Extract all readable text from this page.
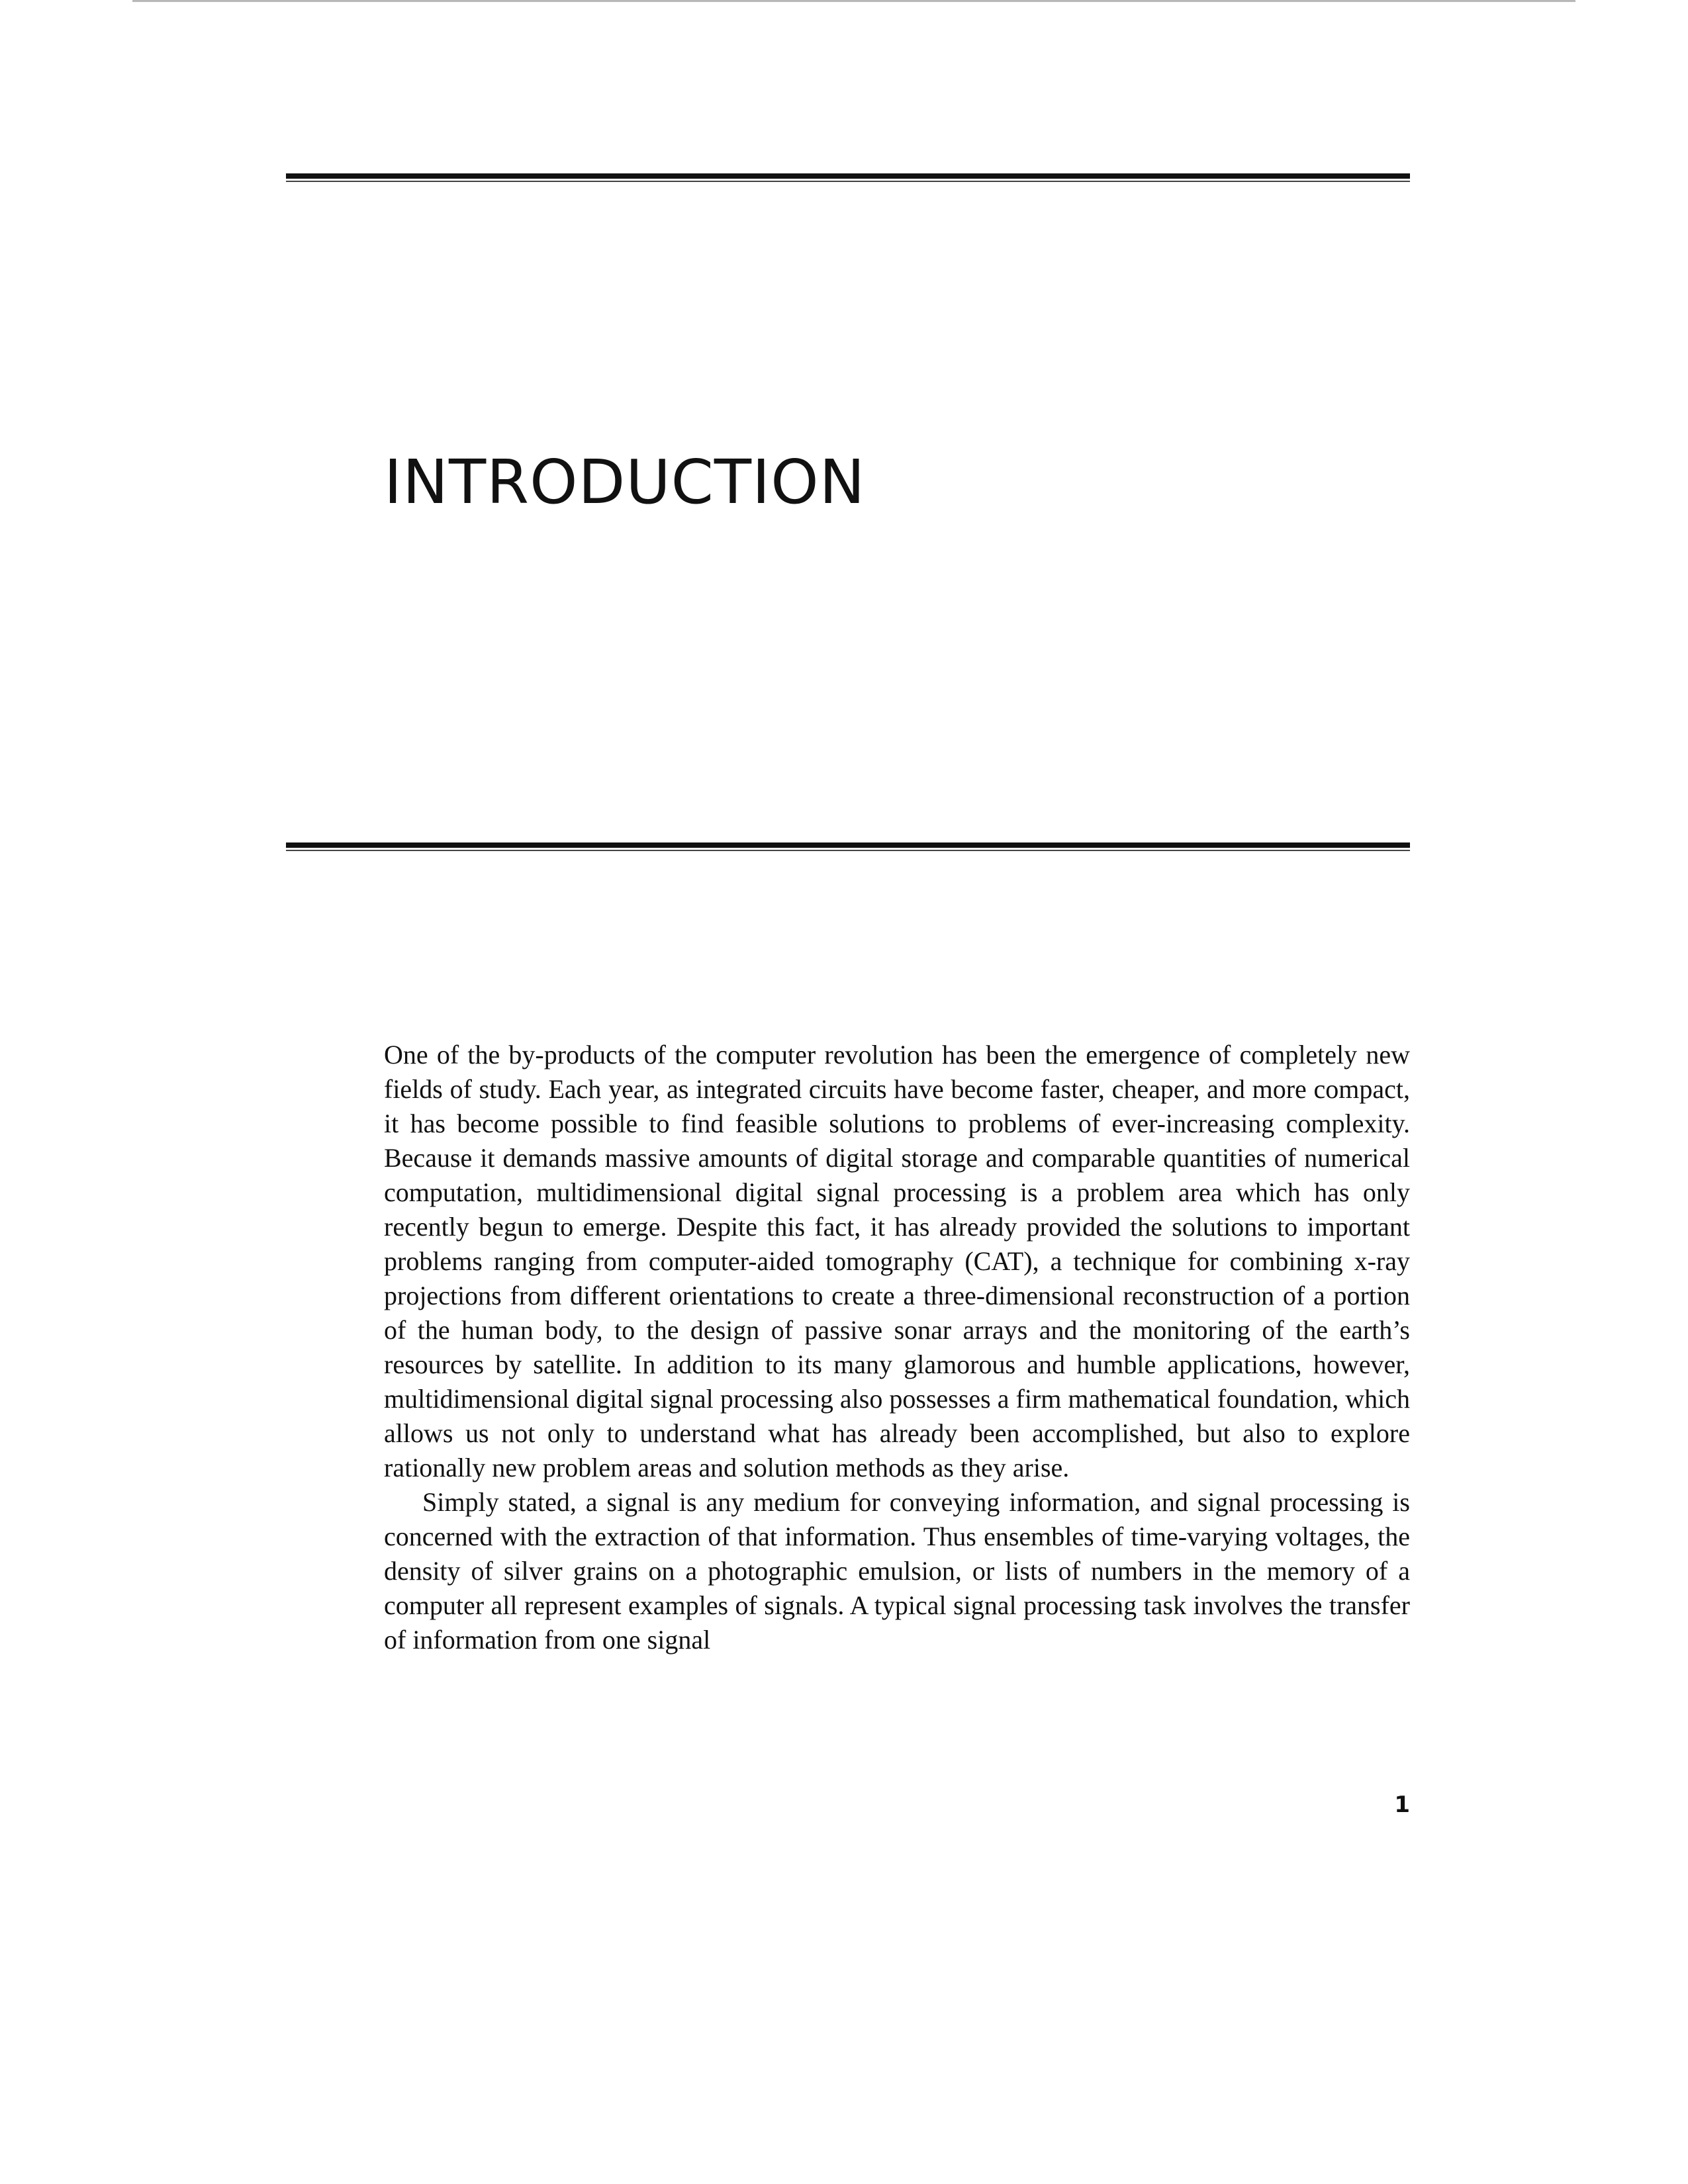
INTRODUCTION

One of the by-products of the computer revolution has been the emergence of completely new fields of study. Each year, as integrated circuits have become faster, cheaper, and more compact, it has become possible to find feasible solutions to problems of ever-increasing complexity. Because it demands massive amounts of digital storage and comparable quantities of numerical computation, multidimensional digital signal processing is a problem area which has only recently begun to emerge. Despite this fact, it has already provided the solutions to important problems ranging from computer-aided tomography (CAT), a technique for combining x-ray projections from different orientations to create a three-dimensional reconstruction of a portion of the human body, to the design of passive sonar arrays and the monitoring of the earth’s resources by satellite. In addition to its many glamorous and humble applications, however, multidimensional digital signal processing also possesses a firm mathematical foundation, which allows us not only to understand what has already been accomplished, but also to explore rationally new problem areas and solution methods as they arise.

Simply stated, a signal is any medium for conveying information, and signal processing is concerned with the extraction of that information. Thus ensembles of time-varying voltages, the density of silver grains on a photographic emulsion, or lists of numbers in the memory of a computer all represent examples of signals. A typical signal processing task involves the transfer of information from one signal

1
